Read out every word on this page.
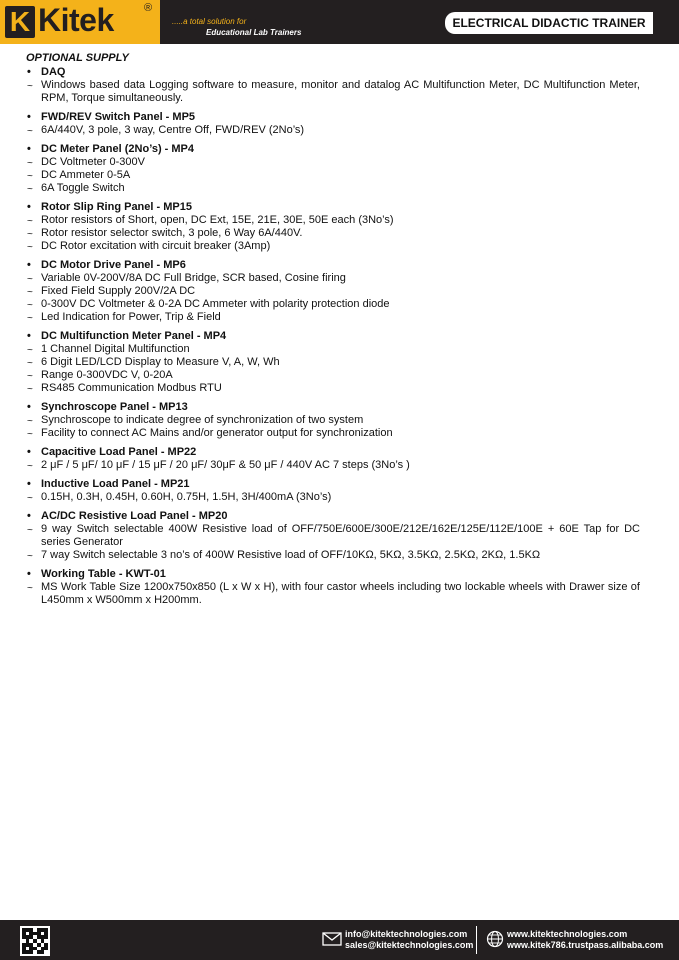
K Kitek	®
.....a total solution for
Educational Lab Trainers
ELECTRICAL DIDACTIC TRAINER
OPTIONAL SUPPLY
• DAQ
~ Windows based data Logging software to measure, monitor and datalog AC Multifunction Meter, DC Multifunction Meter, RPM, Torque simultaneously.
• FWD/REV Switch Panel - MP5
~ 6A/440V, 3 pole, 3 way, Centre Off, FWD/REV (2No’s)
• DC Meter Panel (2No’s) - MP4
~ DC Voltmeter 0-300V
~ DC Ammeter 0-5A
~ 6A Toggle Switch
• Rotor Slip Ring Panel - MP15
~ Rotor resistors of Short, open, DC Ext, 15E, 21E, 30E, 50E each (3No’s)
~ Rotor resistor selector switch, 3 pole, 6 Way 6A/440V.
~ DC Rotor excitation with circuit breaker (3Amp)
• DC Motor Drive Panel - MP6
~ Variable 0V-200V/8A DC Full Bridge, SCR based, Cosine firing
~ Fixed Field Supply 200V/2A DC
~ 0-300V DC Voltmeter & 0-2A DC Ammeter with polarity protection diode
~ Led Indication for Power, Trip & Field
• DC Multifunction Meter Panel - MP4
~ 1 Channel Digital Multifunction
~ 6 Digit LED/LCD Display to Measure V, A, W, Wh
~ Range 0-300VDC V, 0-20A
~ RS485 Communication Modbus RTU
• Synchroscope Panel - MP13
~ Synchroscope to indicate degree of synchronization of two system
~ Facility to connect AC Mains and/or generator output for synchronization
• Capacitive Load Panel - MP22
~ 2 μF / 5 μF/ 10 μF / 15 μF / 20 μF/ 30μF & 50 μF / 440V AC 7 steps (3No’s )
• Inductive Load Panel - MP21
~ 0.15H, 0.3H, 0.45H, 0.60H, 0.75H, 1.5H, 3H/400mA (3No’s)
• AC/DC Resistive Load Panel - MP20
~ 9 way Switch selectable 400W Resistive load of OFF/750E/600E/300E/212E/162E/125E/112E/100E + 60E Tap for DC series Generator
~ 7 way Switch selectable 3 no’s of 400W Resistive load of OFF/10KΩ, 5KΩ, 3.5KΩ, 2.5KΩ, 2KΩ, 1.5KΩ
• Working Table - KWT-01
~ MS Work Table Size 1200x750x850 (L x W x H), with four castor wheels including two lockable wheels with Drawer size of L450mm x W500mm x H200mm.
info@kitektechnologies.com
sales@kitektechnologies.com
www.kitektechnologies.com
www.kitek786.trustpass.alibaba.com
